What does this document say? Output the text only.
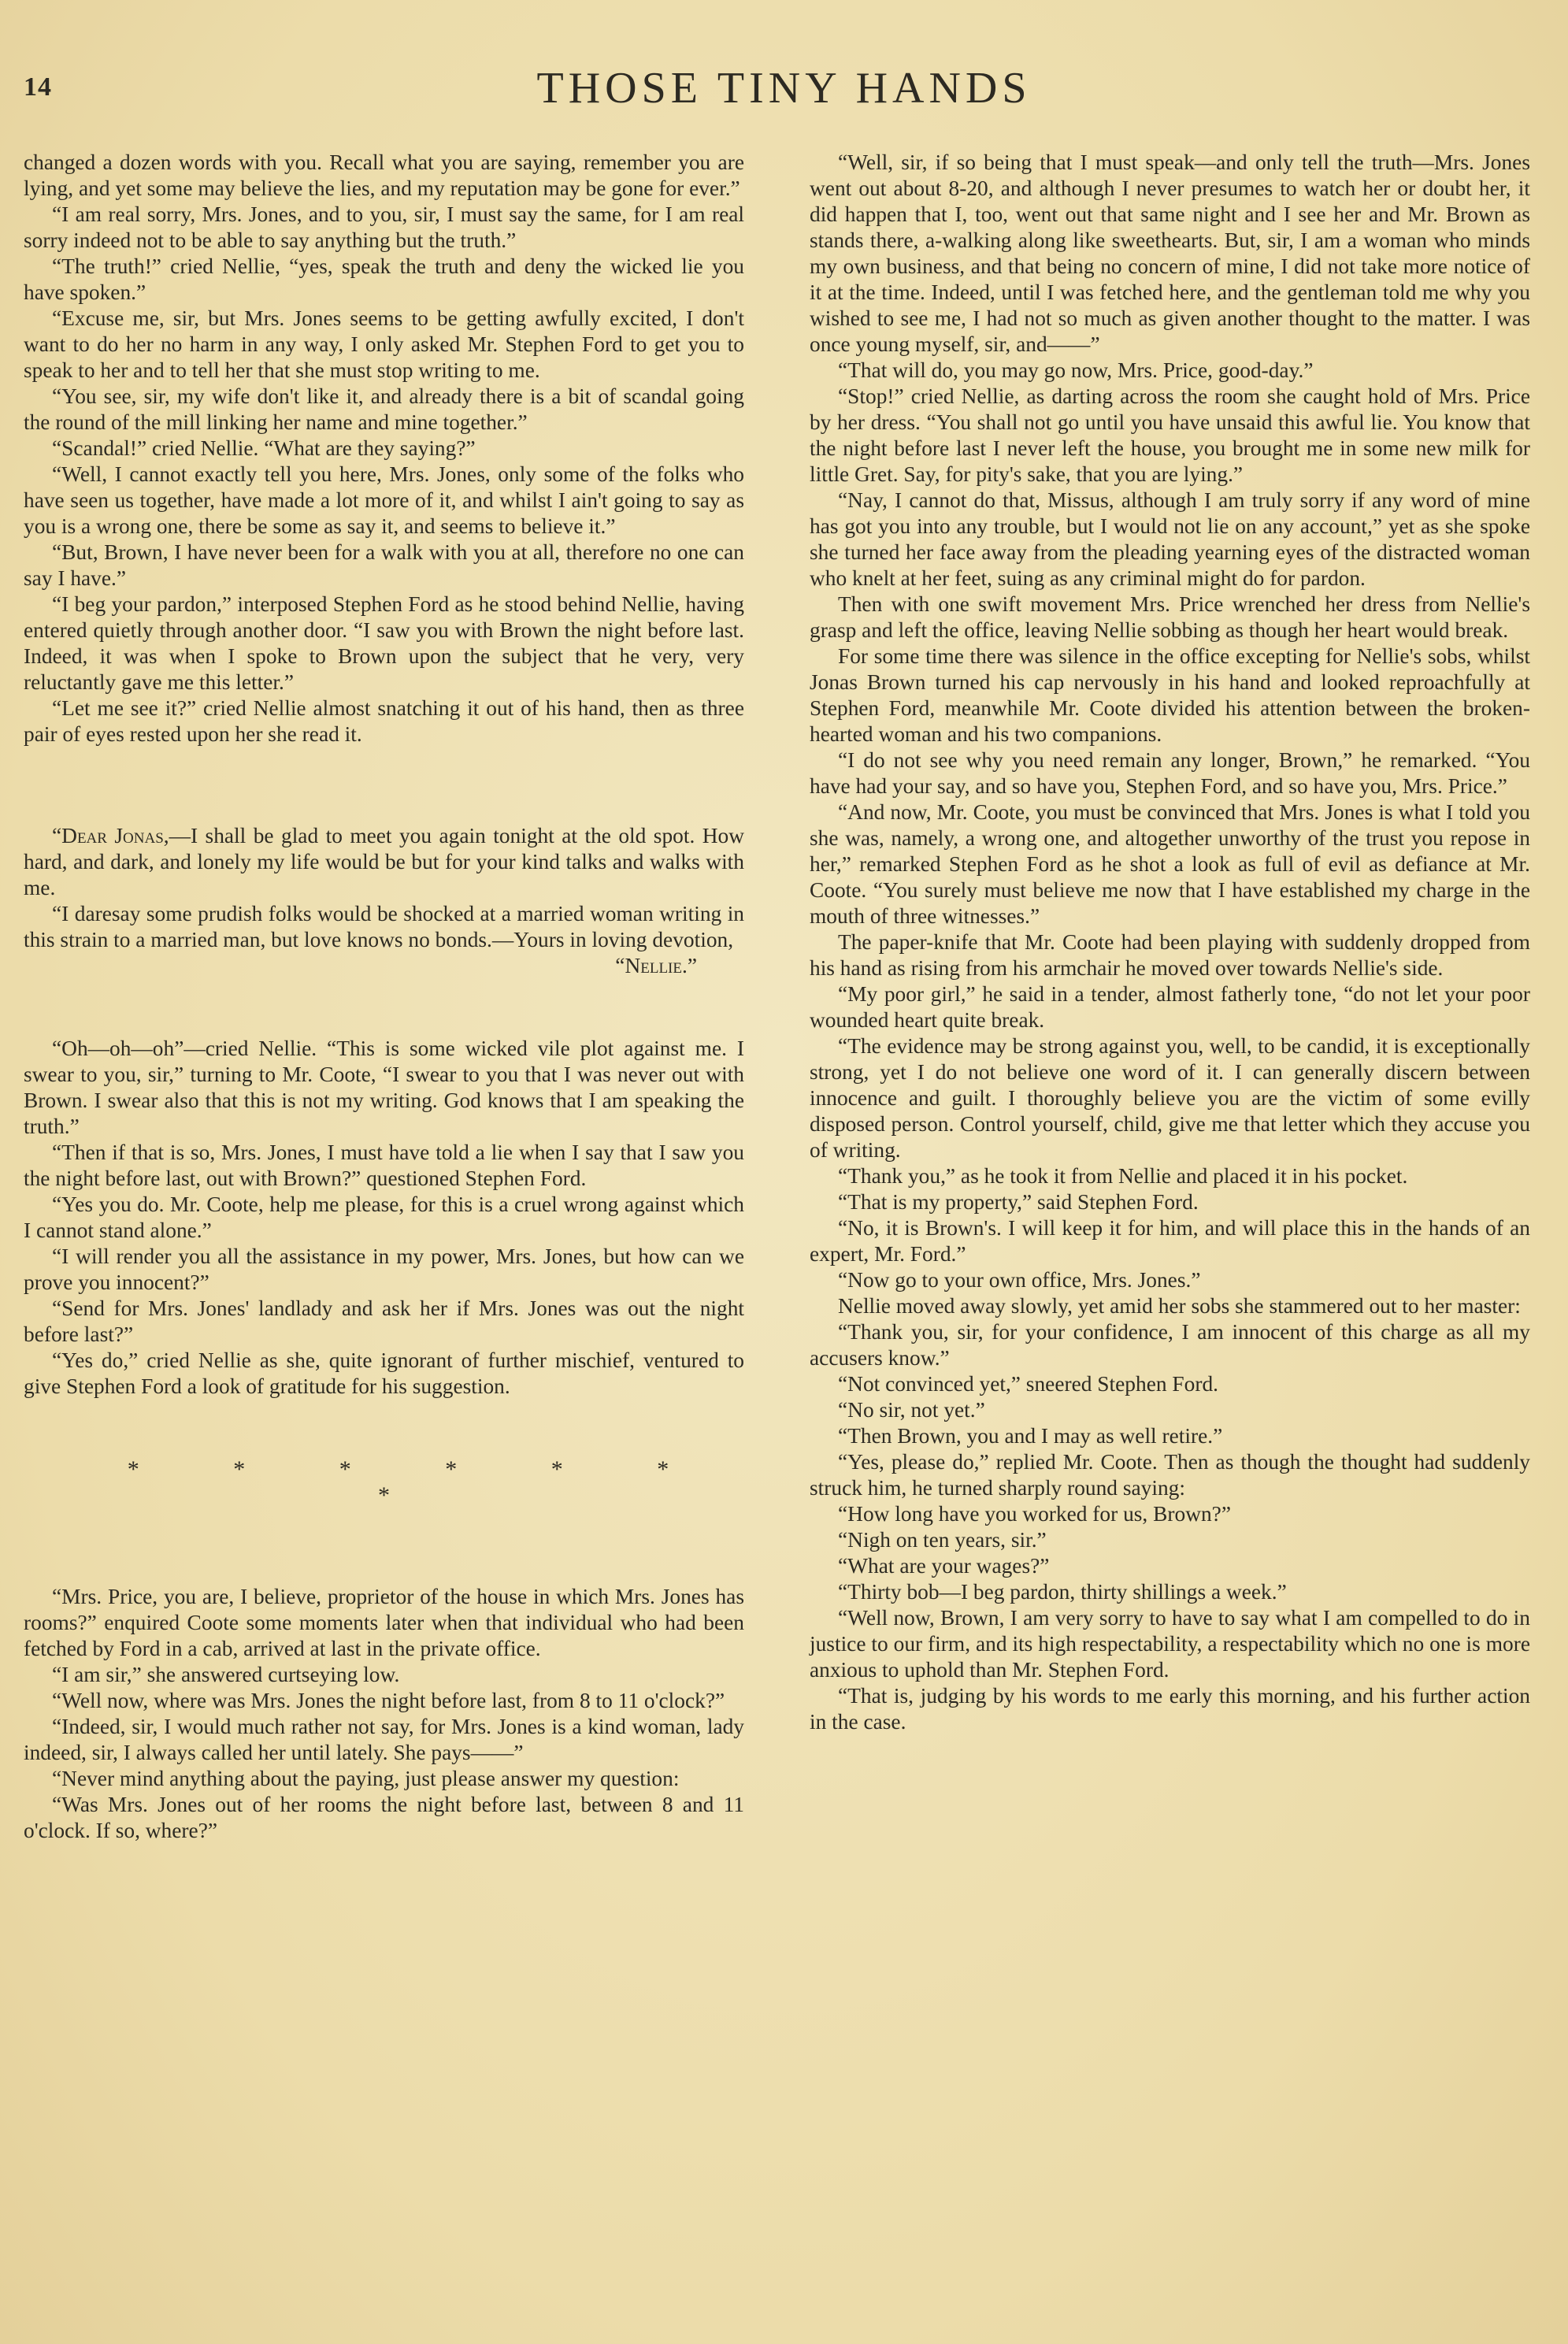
14	THOSE TINY HANDS

changed a dozen words with you. Recall what you are saying, remember you are lying, and yet some may believe the lies, and my reputation may be gone for ever.”

“I am real sorry, Mrs. Jones, and to you, sir, I must say the same, for I am real sorry indeed not to be able to say anything but the truth.”

“The truth!” cried Nellie, “yes, speak the truth and deny the wicked lie you have spoken.”

“Excuse me, sir, but Mrs. Jones seems to be getting awfully excited, I don't want to do her no harm in any way, I only asked Mr. Stephen Ford to get you to speak to her and to tell her that she must stop writing to me.

“You see, sir, my wife don't like it, and already there is a bit of scandal going the round of the mill linking her name and mine together.”

“Scandal!” cried Nellie. “What are they saying?”

“Well, I cannot exactly tell you here, Mrs. Jones, only some of the folks who have seen us together, have made a lot more of it, and whilst I ain't going to say as you is a wrong one, there be some as say it, and seems to believe it.”

“But, Brown, I have never been for a walk with you at all, therefore no one can say I have.”

“I beg your pardon,” interposed Stephen Ford as he stood behind Nellie, having entered quietly through another door. “I saw you with Brown the night before last. Indeed, it was when I spoke to Brown upon the subject that he very, very reluctantly gave me this letter.”

“Let me see it?” cried Nellie almost snatching it out of his hand, then as three pair of eyes rested upon her she read it.

“Dear Jonas,—I shall be glad to meet you again tonight at the old spot. How hard, and dark, and lonely my life would be but for your kind talks and walks with me.

“I daresay some prudish folks would be shocked at a married woman writing in this strain to a married man, but love knows no bonds.—Yours in loving devotion,

“Nellie.”

“Oh—oh—oh”—cried Nellie. “This is some wicked vile plot against me. I swear to you, sir,” turning to Mr. Coote, “I swear to you that I was never out with Brown. I swear also that this is not my writing. God knows that I am speaking the truth.”

“Then if that is so, Mrs. Jones, I must have told a lie when I say that I saw you the night before last, out with Brown?” questioned Stephen Ford.

“Yes you do. Mr. Coote, help me please, for this is a cruel wrong against which I cannot stand alone.”

“I will render you all the assistance in my power, Mrs. Jones, but how can we prove you innocent?”

“Send for Mrs. Jones' landlady and ask her if Mrs. Jones was out the night before last?”

“Yes do,” cried Nellie as she, quite ignorant of further mischief, ventured to give Stephen Ford a look of gratitude for his suggestion.

* * * * * * *

“Mrs. Price, you are, I believe, proprietor of the house in which Mrs. Jones has rooms?” enquired Coote some moments later when that individual who had been fetched by Ford in a cab, arrived at last in the private office.

“I am sir,” she answered curtseying low.

“Well now, where was Mrs. Jones the night before last, from 8 to 11 o'clock?”

“Indeed, sir, I would much rather not say, for Mrs. Jones is a kind woman, lady indeed, sir, I always called her until lately. She pays——”

“Never mind anything about the paying, just please answer my question:

“Was Mrs. Jones out of her rooms the night before last, between 8 and 11 o'clock. If so, where?”

“Well, sir, if so being that I must speak—and only tell the truth—Mrs. Jones went out about 8-20, and although I never presumes to watch her or doubt her, it did happen that I, too, went out that same night and I see her and Mr. Brown as stands there, a-walking along like sweethearts. But, sir, I am a woman who minds my own business, and that being no concern of mine, I did not take more notice of it at the time. Indeed, until I was fetched here, and the gentleman told me why you wished to see me, I had not so much as given another thought to the matter. I was once young myself, sir, and——”

“That will do, you may go now, Mrs. Price, good-day.”

“Stop!” cried Nellie, as darting across the room she caught hold of Mrs. Price by her dress. “You shall not go until you have unsaid this awful lie. You know that the night before last I never left the house, you brought me in some new milk for little Gret. Say, for pity's sake, that you are lying.”

“Nay, I cannot do that, Missus, although I am truly sorry if any word of mine has got you into any trouble, but I would not lie on any account,” yet as she spoke she turned her face away from the pleading yearning eyes of the distracted woman who knelt at her feet, suing as any criminal might do for pardon.

Then with one swift movement Mrs. Price wrenched her dress from Nellie's grasp and left the office, leaving Nellie sobbing as though her heart would break.

For some time there was silence in the office excepting for Nellie's sobs, whilst Jonas Brown turned his cap nervously in his hand and looked reproachfully at Stephen Ford, meanwhile Mr. Coote divided his attention between the broken-hearted woman and his two companions.

“I do not see why you need remain any longer, Brown,” he remarked. “You have had your say, and so have you, Stephen Ford, and so have you, Mrs. Price.”

“And now, Mr. Coote, you must be convinced that Mrs. Jones is what I told you she was, namely, a wrong one, and altogether unworthy of the trust you repose in her,” remarked Stephen Ford as he shot a look as full of evil as defiance at Mr. Coote. “You surely must believe me now that I have established my charge in the mouth of three witnesses.”

The paper-knife that Mr. Coote had been playing with suddenly dropped from his hand as rising from his armchair he moved over towards Nellie's side.

“My poor girl,” he said in a tender, almost fatherly tone, “do not let your poor wounded heart quite break.

“The evidence may be strong against you, well, to be candid, it is exceptionally strong, yet I do not believe one word of it. I can generally discern between innocence and guilt. I thoroughly believe you are the victim of some evilly disposed person. Control yourself, child, give me that letter which they accuse you of writing.

“Thank you,” as he took it from Nellie and placed it in his pocket.

“That is my property,” said Stephen Ford.

“No, it is Brown's. I will keep it for him, and will place this in the hands of an expert, Mr. Ford.”

“Now go to your own office, Mrs. Jones.”

Nellie moved away slowly, yet amid her sobs she stammered out to her master:

“Thank you, sir, for your confidence, I am innocent of this charge as all my accusers know.”

“Not convinced yet,” sneered Stephen Ford.

“No sir, not yet.”

“Then Brown, you and I may as well retire.”

“Yes, please do,” replied Mr. Coote. Then as though the thought had suddenly struck him, he turned sharply round saying:

“How long have you worked for us, Brown?”

“Nigh on ten years, sir.”

“What are your wages?”

“Thirty bob—I beg pardon, thirty shillings a week.”

“Well now, Brown, I am very sorry to have to say what I am compelled to do in justice to our firm, and its high respectability, a respectability which no one is more anxious to uphold than Mr. Stephen Ford.

“That is, judging by his words to me early this morning, and his further action in the case.
